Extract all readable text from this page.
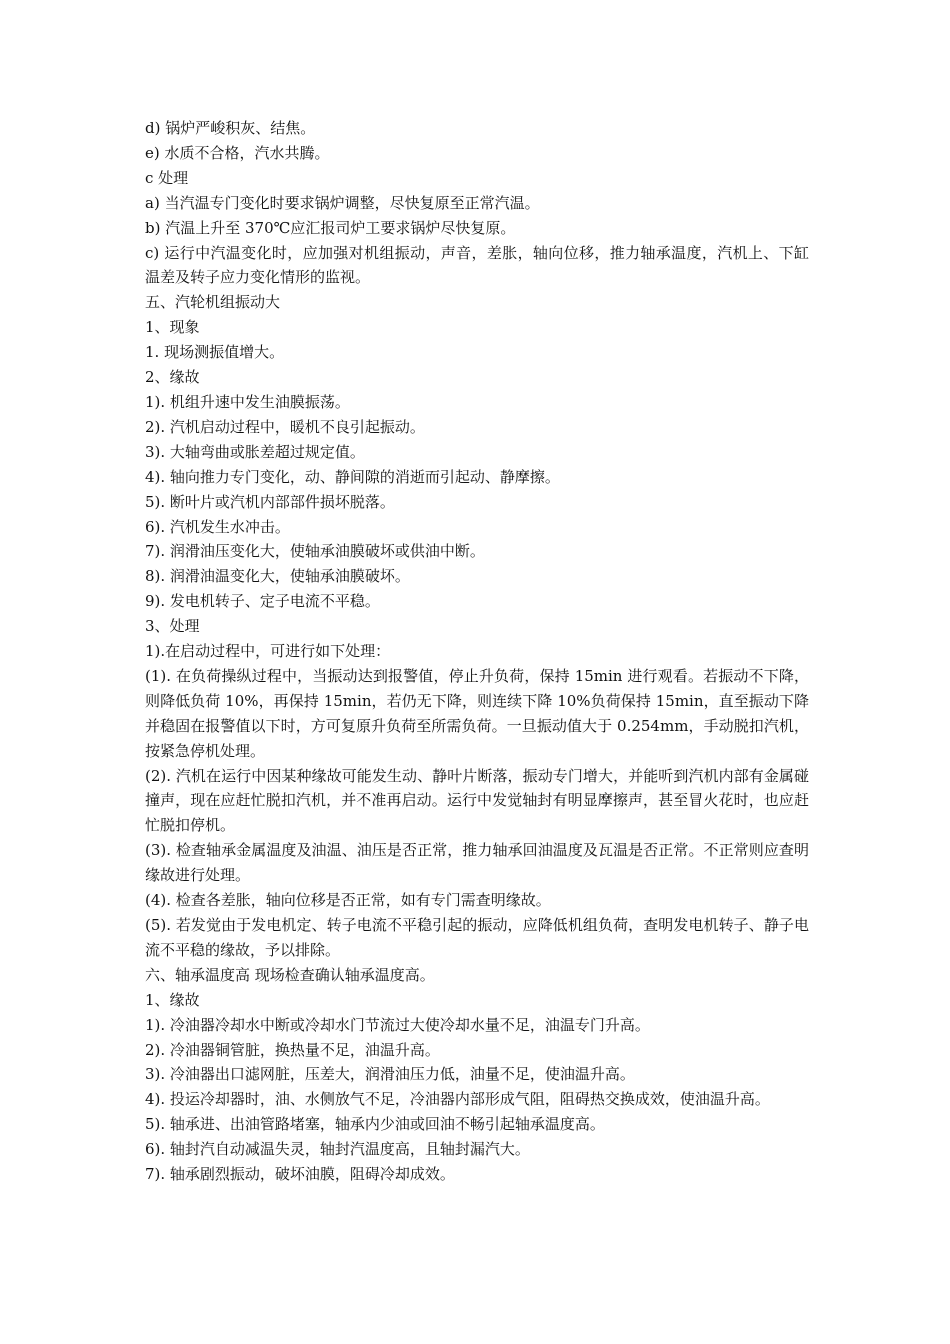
d) 锅炉严峻积灰、结焦。

e) 水质不合格，汽水共腾。

c 处理

a) 当汽温专门变化时要求锅炉调整，尽快复原至正常汽温。

b) 汽温上升至 370℃应汇报司炉工要求锅炉尽快复原。

c) 运行中汽温变化时，应加强对机组振动，声音，差胀，轴向位移，推力轴承温度，汽机上、下缸温差及转子应力变化情形的监视。

五、汽轮机组振动大

1、现象

1. 现场测振值增大。

2、缘故

1). 机组升速中发生油膜振荡。

2). 汽机启动过程中，暖机不良引起振动。

3). 大轴弯曲或胀差超过规定值。

4). 轴向推力专门变化，动、静间隙的消逝而引起动、静摩擦。

5). 断叶片或汽机内部部件损坏脱落。

6). 汽机发生水冲击。

7). 润滑油压变化大，使轴承油膜破坏或供油中断。

8). 润滑油温变化大，使轴承油膜破坏。

9). 发电机转子、定子电流不平稳。

3、处理

1).在启动过程中，可进行如下处理：

(1). 在负荷操纵过程中，当振动达到报警值，停止升负荷，保持 15min 进行观看。若振动不下降，则降低负荷 10%，再保持 15min，若仍无下降，则连续下降 10%负荷保持 15min，直至振动下降并稳固在报警值以下时，方可复原升负荷至所需负荷。一旦振动值大于 0.254mm，手动脱扣汽机，按紧急停机处理。

(2). 汽机在运行中因某种缘故可能发生动、静叶片断落，振动专门增大，并能听到汽机内部有金属碰撞声，现在应赶忙脱扣汽机，并不准再启动。运行中发觉轴封有明显摩擦声，甚至冒火花时，也应赶忙脱扣停机。

(3). 检查轴承金属温度及油温、油压是否正常，推力轴承回油温度及瓦温是否正常。不正常则应查明缘故进行处理。

(4). 检查各差胀，轴向位移是否正常，如有专门需查明缘故。

(5). 若发觉由于发电机定、转子电流不平稳引起的振动，应降低机组负荷，查明发电机转子、静子电流不平稳的缘故，予以排除。

六、轴承温度高 现场检查确认轴承温度高。

1、缘故

1). 冷油器冷却水中断或冷却水门节流过大使冷却水量不足，油温专门升高。

2). 冷油器铜管脏，换热量不足，油温升高。

3). 冷油器出口滤网脏，压差大，润滑油压力低，油量不足，使油温升高。

4). 投运冷却器时，油、水侧放气不足，冷油器内部形成气阻，阻碍热交换成效，使油温升高。

5). 轴承进、出油管路堵塞，轴承内少油或回油不畅引起轴承温度高。

6). 轴封汽自动减温失灵，轴封汽温度高，且轴封漏汽大。

7). 轴承剧烈振动，破坏油膜，阻碍冷却成效。
